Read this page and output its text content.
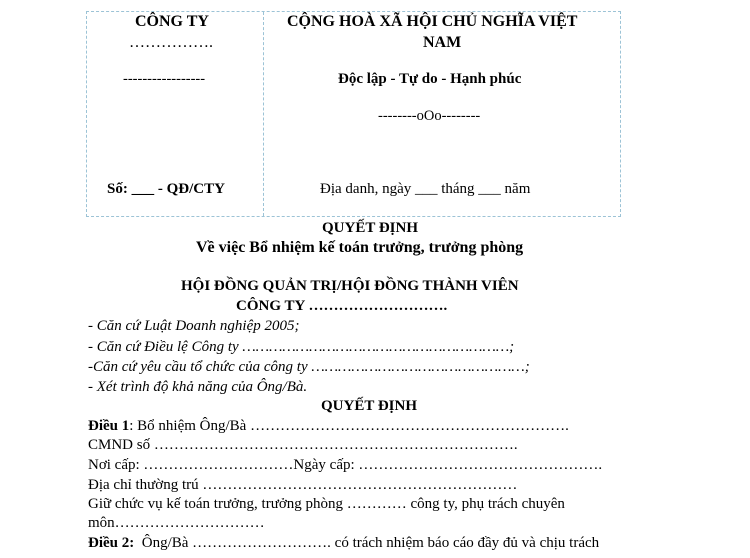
CÔNG TY
…………….
-----------------
Số: ___ - QĐ/CTY
CỘNG HOÀ XÃ HỘI CHỦ NGHĨA VIỆT
NAM
Độc lập - Tự do - Hạnh phúc
--------oOo--------
Địa danh, ngày ___ tháng ___ năm
QUYẾT ĐỊNH
Về việc Bổ nhiệm kế toán trưởng, trưởng phòng
HỘI ĐỒNG QUẢN TRỊ/HỘI ĐỒNG THÀNH VIÊN
CÔNG TY ……………………….
- Căn cứ Luật Doanh nghiệp 2005;
- Căn cứ Điều lệ Công ty ……………………………………………………;
-Căn cứ yêu cầu tổ chức của công ty …………………………………………;
- Xét trình độ khả năng của Ông/Bà.
QUYẾT ĐỊNH
Điều 1: Bổ nhiệm Ông/Bà ……………………………………………………….
CMND số ……………………………………………………………….
Nơi cấp: …………………………Ngày cấp: ………………………………………….
Địa chỉ thường trú ………………………………………………………
Giữ chức vụ kế toán trưởng, trưởng phòng ………… công ty, phụ trách chuyên
môn…………………………
Điều 2: Ông/Bà ………………………. có trách nhiệm báo cáo đầy đủ và chịu trách
